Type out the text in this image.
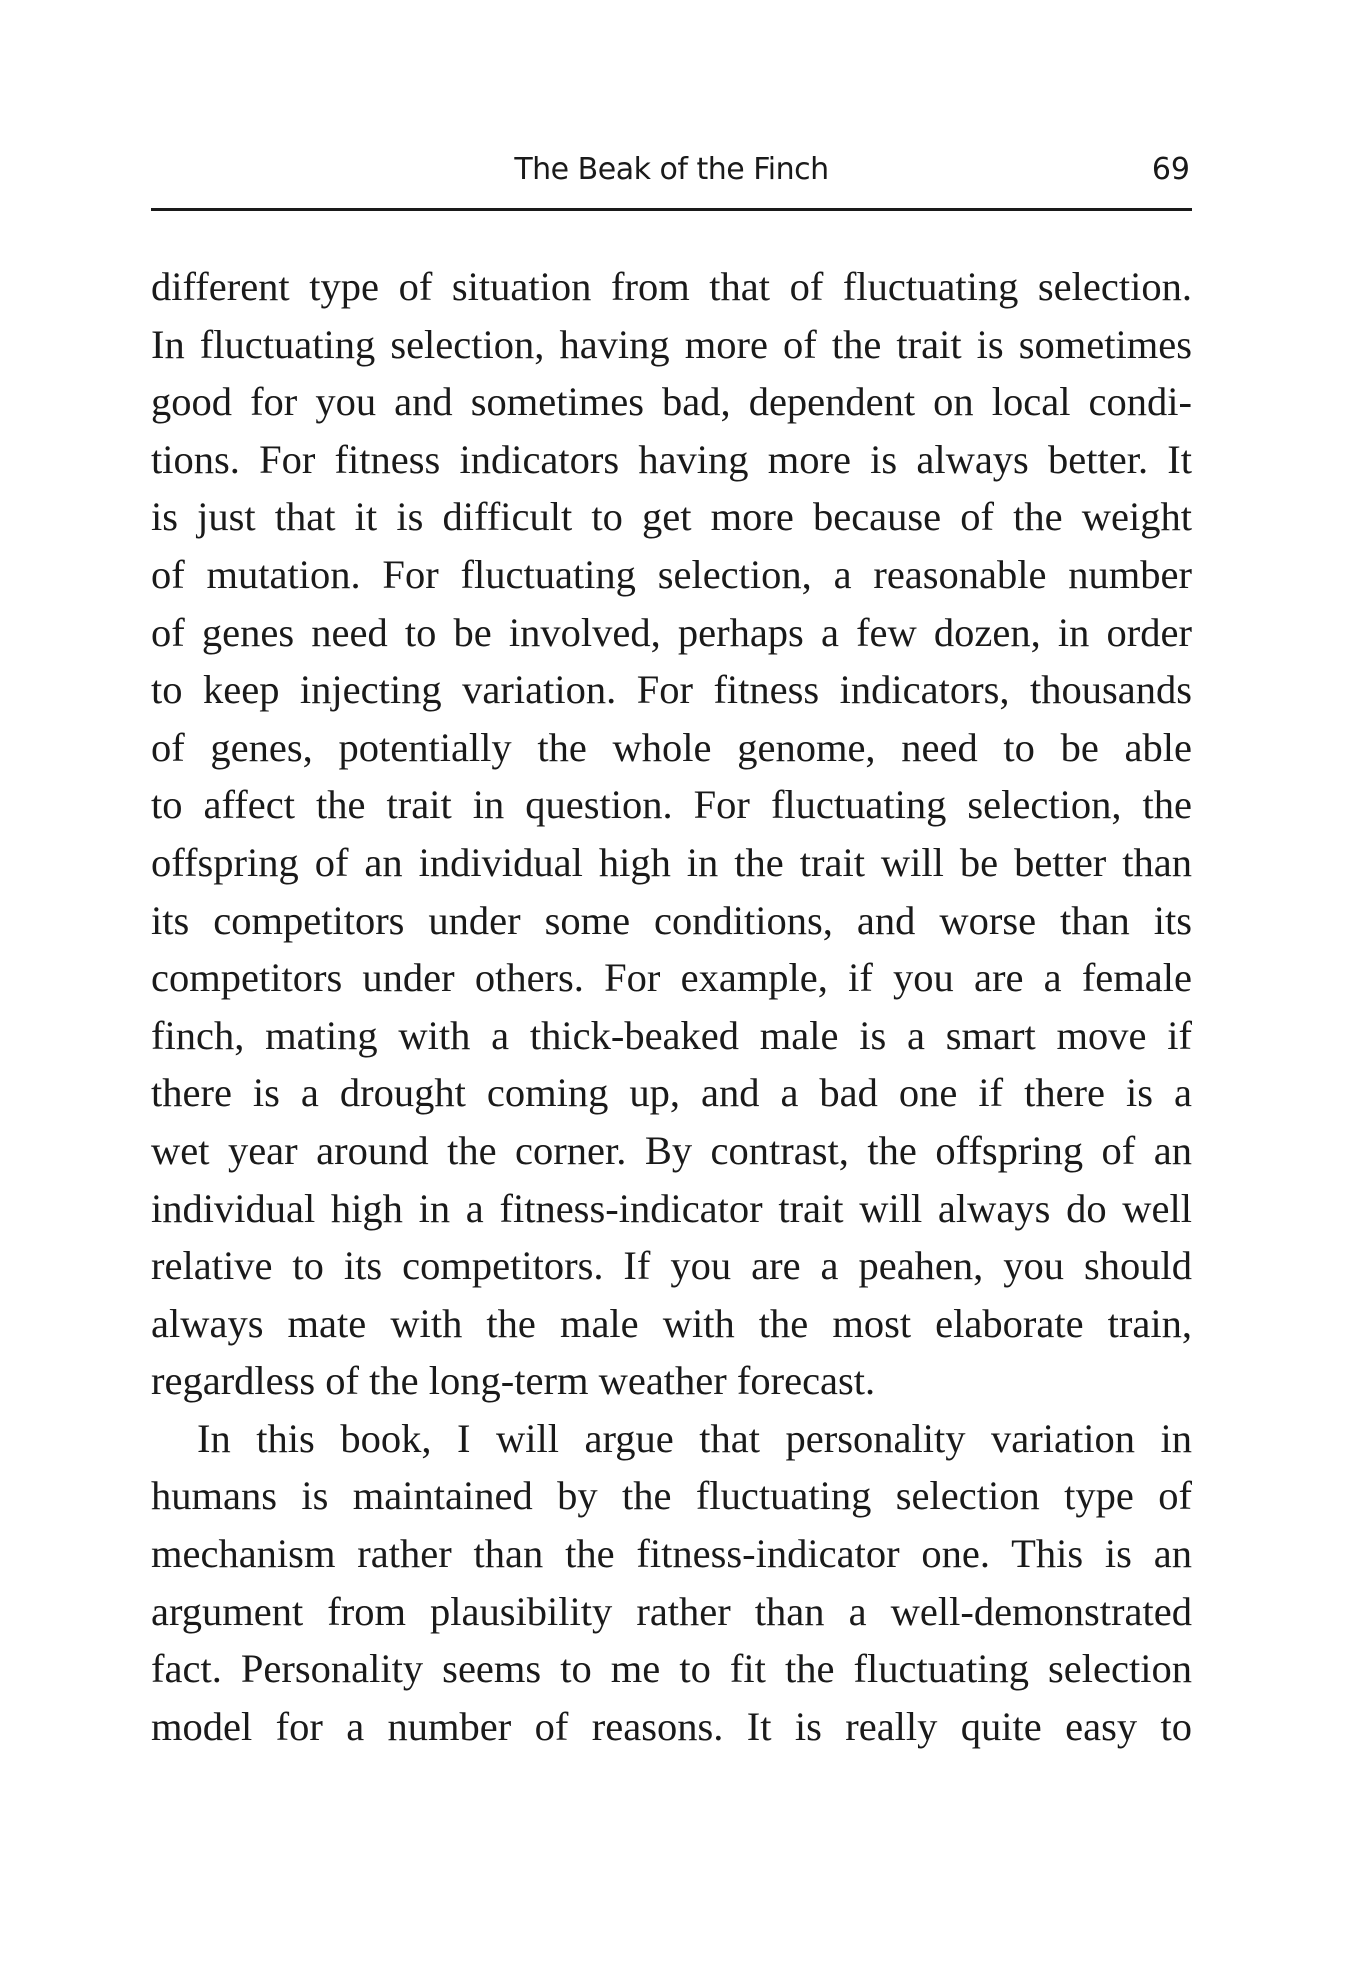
The Beak of the Finch	69
different type of situation from that of fluctuating selection.
In fluctuating selection, having more of the trait is sometimes
good for you and sometimes bad, dependent on local condi-
tions. For fitness indicators having more is always better. It
is just that it is difficult to get more because of the weight
of mutation. For fluctuating selection, a reasonable number
of genes need to be involved, perhaps a few dozen, in order
to keep injecting variation. For fitness indicators, thousands
of genes, potentially the whole genome, need to be able
to affect the trait in question. For fluctuating selection, the
offspring of an individual high in the trait will be better than
its competitors under some conditions, and worse than its
competitors under others. For example, if you are a female
finch, mating with a thick-beaked male is a smart move if
there is a drought coming up, and a bad one if there is a
wet year around the corner. By contrast, the offspring of an
individual high in a fitness-indicator trait will always do well
relative to its competitors. If you are a peahen, you should
always mate with the male with the most elaborate train,
regardless of the long-term weather forecast.
In this book, I will argue that personality variation in
humans is maintained by the fluctuating selection type of
mechanism rather than the fitness-indicator one. This is an
argument from plausibility rather than a well-demonstrated
fact. Personality seems to me to fit the fluctuating selection
model for a number of reasons. It is really quite easy to
